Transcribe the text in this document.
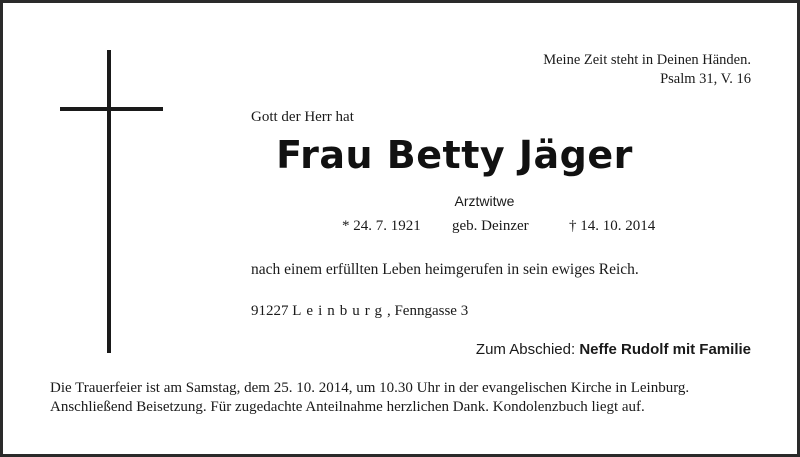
Meine Zeit steht in Deinen Händen.
Psalm 31, V. 16
Gott der Herr hat
Frau Betty Jäger
Arztwitwe
* 24. 7. 1921 geb. Deinzer	† 14. 10. 2014
nach einem erfüllten Leben heimgerufen in sein ewiges Reich.
91227 Leinburg, Fenngasse 3
Zum Abschied: Neffe Rudolf mit Familie
Die Trauerfeier ist am Samstag, dem 25. 10. 2014, um 10.30 Uhr in der evangelischen Kirche in Leinburg.
Anschließend Beisetzung. Für zugedachte Anteilnahme herzlichen Dank. Kondolenzbuch liegt auf.
